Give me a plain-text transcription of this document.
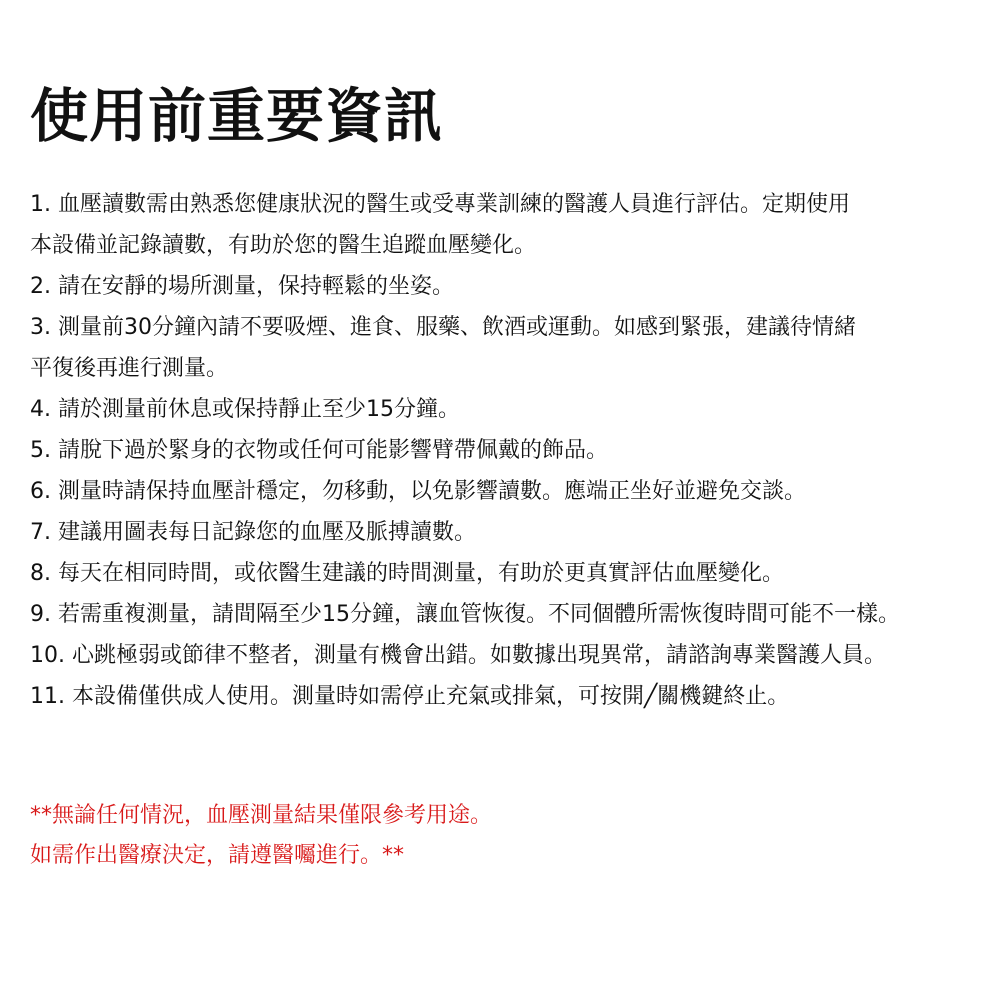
使用前重要資訊
1. 血壓讀數需由熟悉您健康狀況的醫生或受專業訓練的醫護人員進行評估。定期使用
本設備並記錄讀數，有助於您的醫生追蹤血壓變化。
2. 請在安靜的場所測量，保持輕鬆的坐姿。
3. 測量前30分鐘內請不要吸煙、進食、服藥、飲酒或運動。如感到緊張，建議待情緒
平復後再進行測量。
4. 請於測量前休息或保持靜止至少15分鐘。
5. 請脫下過於緊身的衣物或任何可能影響臂帶佩戴的飾品。
6. 測量時請保持血壓計穩定，勿移動，以免影響讀數。應端正坐好並避免交談。
7. 建議用圖表每日記錄您的血壓及脈搏讀數。
8. 每天在相同時間，或依醫生建議的時間測量，有助於更真實評估血壓變化。
9. 若需重複測量，請間隔至少15分鐘，讓血管恢復。不同個體所需恢復時間可能不一樣。
10. 心跳極弱或節律不整者，測量有機會出錯。如數據出現異常，請諮詢專業醫護人員。
11. 本設備僅供成人使用。測量時如需停止充氣或排氣，可按開╱關機鍵終止。
**無論任何情況，血壓測量結果僅限參考用途。
如需作出醫療決定，請遵醫囑進行。**
